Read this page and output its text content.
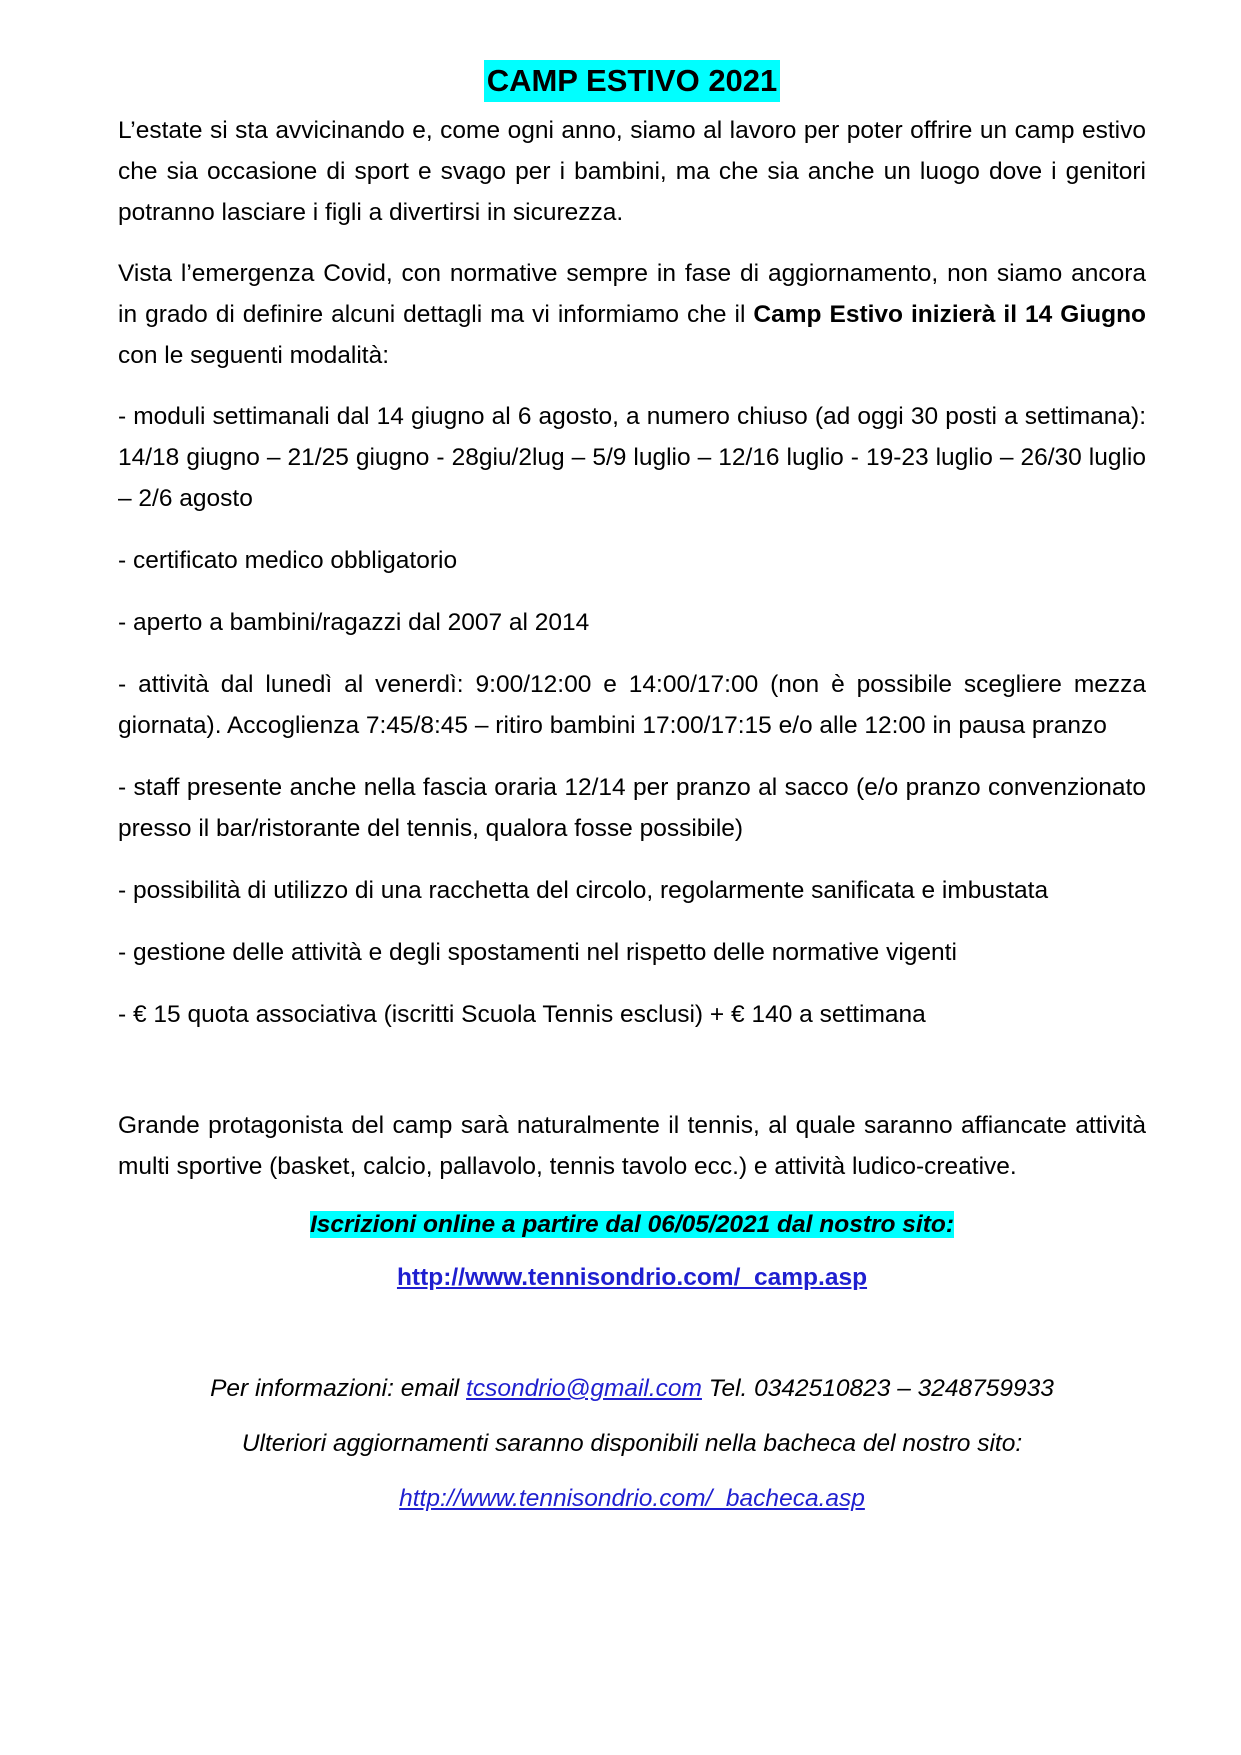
CAMP ESTIVO 2021

L’estate si sta avvicinando e, come ogni anno, siamo al lavoro per poter offrire un camp estivo che sia occasione di sport e svago per i bambini, ma che sia anche un luogo dove i genitori potranno lasciare i figli a divertirsi in sicurezza.

Vista l’emergenza Covid, con normative sempre in fase di aggiornamento, non siamo ancora in grado di definire alcuni dettagli ma vi informiamo che il Camp Estivo inizierà il 14 Giugno con le seguenti modalità:

- moduli settimanali dal 14 giugno al 6 agosto, a numero chiuso (ad oggi 30 posti a settimana): 14/18 giugno – 21/25 giugno - 28giu/2lug – 5/9 luglio – 12/16 luglio - 19-23 luglio – 26/30 luglio – 2/6 agosto

- certificato medico obbligatorio

- aperto a bambini/ragazzi dal 2007 al 2014

- attività dal lunedì al venerdì: 9:00/12:00 e 14:00/17:00 (non è possibile scegliere mezza giornata). Accoglienza 7:45/8:45 – ritiro bambini 17:00/17:15 e/o alle 12:00 in pausa pranzo

- staff presente anche nella fascia oraria 12/14 per pranzo al sacco (e/o pranzo convenzionato presso il bar/ristorante del tennis, qualora fosse possibile)

- possibilità di utilizzo di una racchetta del circolo, regolarmente sanificata e imbustata

- gestione delle attività e degli spostamenti nel rispetto delle normative vigenti

- € 15 quota associativa (iscritti Scuola Tennis esclusi) + € 140 a settimana

Grande protagonista del camp sarà naturalmente il tennis, al quale saranno affiancate attività multi sportive (basket, calcio, pallavolo, tennis tavolo ecc.) e attività ludico-creative.

Iscrizioni online a partire dal 06/05/2021 dal nostro sito:

http://www.tennisondrio.com/_camp.asp

Per informazioni: email tcsondrio@gmail.com Tel. 0342510823 – 3248759933

Ulteriori aggiornamenti saranno disponibili nella bacheca del nostro sito:

http://www.tennisondrio.com/_bacheca.asp
